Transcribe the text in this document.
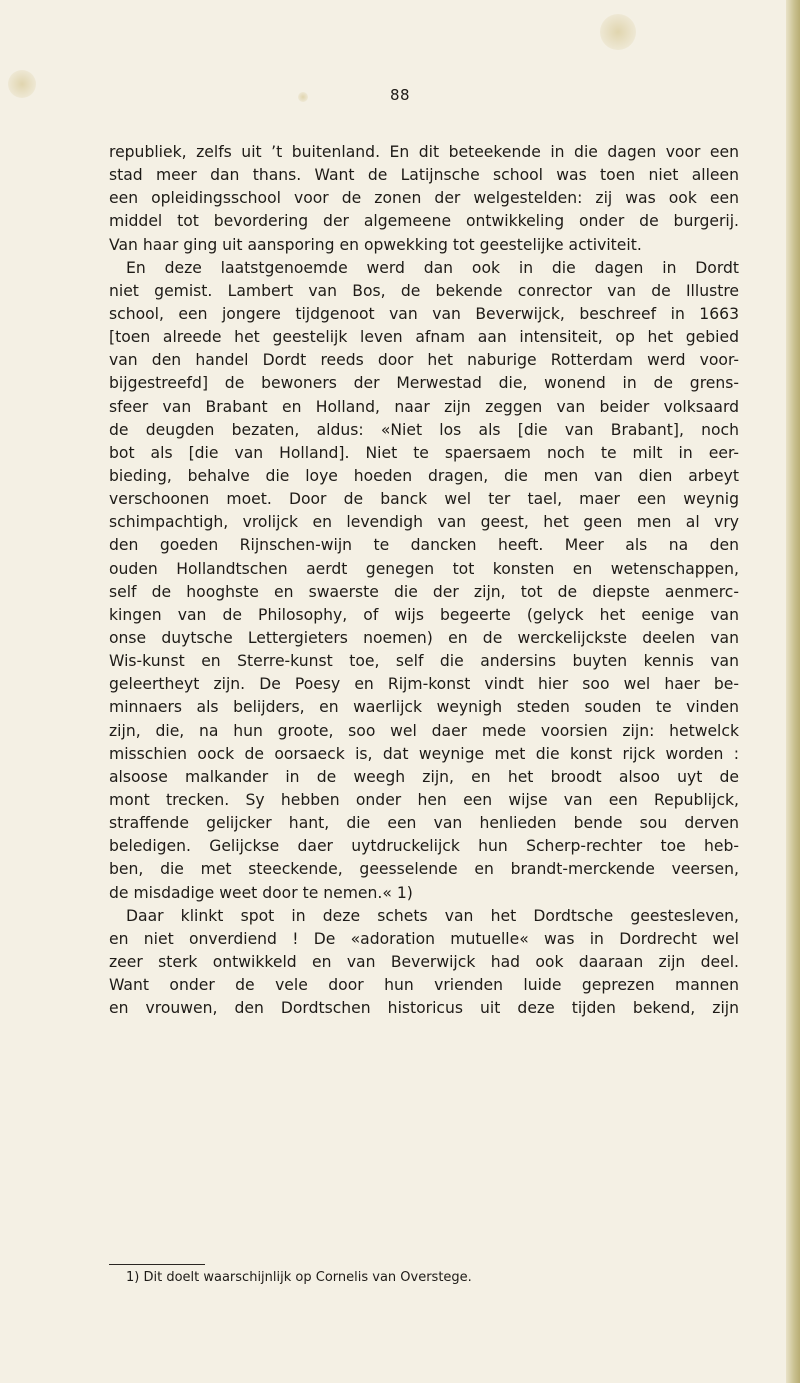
88
republiek, zelfs uit ’t buitenland. En dit beteekende in die dagen voor een
stad meer dan thans. Want de Latijnsche school was toen niet alleen
een opleidingsschool voor de zonen der welgestelden: zij was ook een
middel tot bevordering der algemeene ontwikkeling onder de burgerij.
Van haar ging uit aansporing en opwekking tot geestelijke activiteit.
En deze laatstgenoemde werd dan ook in die dagen in Dordt
niet gemist. Lambert van Bos, de bekende conrector van de Illustre
school, een jongere tijdgenoot van van Beverwijck, beschreef in 1663
[toen alreede het geestelijk leven afnam aan intensiteit, op het gebied
van den handel Dordt reeds door het naburige Rotterdam werd voor-
bijgestreefd] de bewoners der Merwestad die, wonend in de grens-
sfeer van Brabant en Holland, naar zijn zeggen van beider volksaard
de deugden bezaten, aldus: «Niet los als [die van Brabant], noch
bot als [die van Holland]. Niet te spaersaem noch te milt in eer-
bieding, behalve die loye hoeden dragen, die men van dien arbeyt
verschoonen moet. Door de banck wel ter tael, maer een weynig
schimpachtigh, vrolijck en levendigh van geest, het geen men al vry
den goeden Rijnschen-wijn te dancken heeft. Meer als na den
ouden Hollandtschen aerdt genegen tot konsten en wetenschappen,
self de hooghste en swaerste die der zijn, tot de diepste aenmerc-
kingen van de Philosophy, of wijs begeerte (gelyck het eenige van
onse duytsche Lettergieters noemen) en de werckelijckste deelen van
Wis-kunst en Sterre-kunst toe, self die andersins buyten kennis van
geleertheyt zijn. De Poesy en Rijm-konst vindt hier soo wel haer be-
minnaers als belijders, en waerlijck weynigh steden souden te vinden
zijn, die, na hun groote, soo wel daer mede voorsien zijn: hetwelck
misschien oock de oorsaeck is, dat weynige met die konst rijck worden :
alsoose malkander in de weegh zijn, en het broodt alsoo uyt de
mont trecken. Sy hebben onder hen een wijse van een Republijck,
straffende gelijcker hant, die een van henlieden bende sou derven
beledigen. Gelijckse daer uytdruckelijck hun Scherp-rechter toe heb-
ben, die met steeckende, geesselende en brandt-merckende veersen,
de misdadige weet door te nemen.« 1)
Daar klinkt spot in deze schets van het Dordtsche geestesleven,
en niet onverdiend ! De «adoration mutuelle« was in Dordrecht wel
zeer sterk ontwikkeld en van Beverwijck had ook daaraan zijn deel.
Want onder de vele door hun vrienden luide geprezen mannen
en vrouwen, den Dordtschen historicus uit deze tijden bekend, zijn
1) Dit doelt waarschijnlijk op Cornelis van Overstege.
